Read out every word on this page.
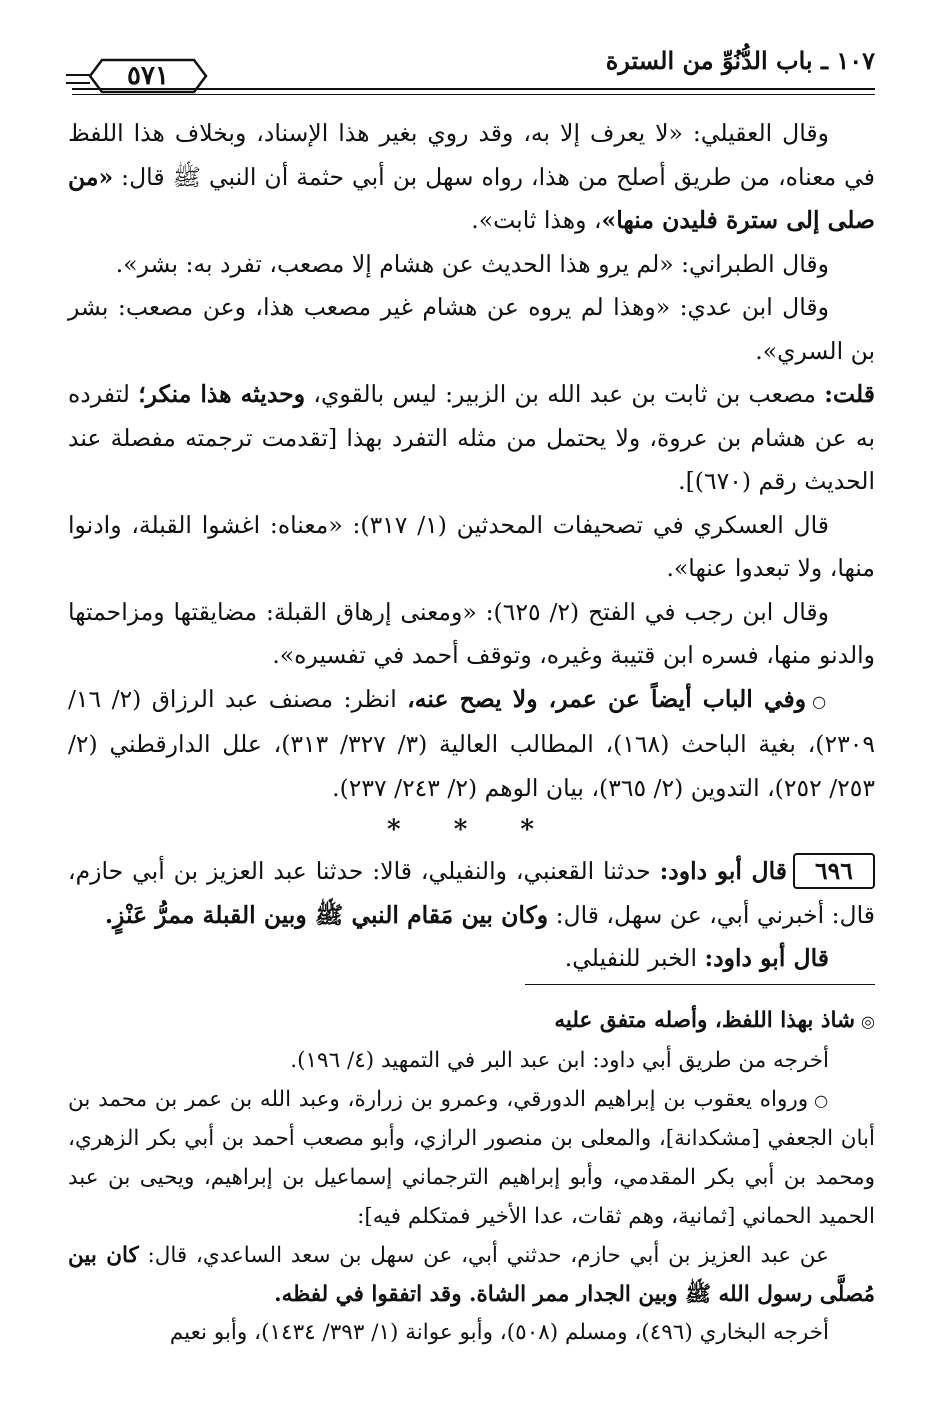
١٠٧ ـ باب الدُّنُوِّ من السترة
٥٧١

وقال العقيلي: «لا يعرف إلا به، وقد روي بغير هذا الإسناد، وبخلاف هذا اللفظ في معناه، من طريق أصلح من هذا، رواه سهل بن أبي حثمة أن النبي ﷺ قال: «من صلى إلى سترة فليدن منها»، وهذا ثابت».

وقال الطبراني: «لم يرو هذا الحديث عن هشام إلا مصعب، تفرد به: بشر».

وقال ابن عدي: «وهذا لم يروه عن هشام غير مصعب هذا، وعن مصعب: بشر بن السري».

قلت: مصعب بن ثابت بن عبد الله بن الزبير: ليس بالقوي، وحديثه هذا منكر؛ لتفرده به عن هشام بن عروة، ولا يحتمل من مثله التفرد بهذا [تقدمت ترجمته مفصلة عند الحديث رقم (٦٧٠)].

قال العسكري في تصحيفات المحدثين (١/ ٣١٧): «معناه: اغشوا القبلة، وادنوا منها، ولا تبعدوا عنها».

وقال ابن رجب في الفتح (٢/ ٦٢٥): «ومعنى إرهاق القبلة: مضايقتها ومزاحمتها والدنو منها، فسره ابن قتيبة وغيره، وتوقف أحمد في تفسيره».

○وفي الباب أيضاً عن عمر، ولا يصح عنه، انظر: مصنف عبد الرزاق (٢/ ١٦/ ٢٣٠٩)، بغية الباحث (١٦٨)، المطالب العالية (٣/ ٣٢٧/ ٣١٣)، علل الدارقطني (٢/ ٢٥٣/ ٢٥٢)، التدوين (٢/ ٣٦٥)، بيان الوهم (٢/ ٢٤٣/ ٢٣٧).

* * *

٦٩٦قال أبو داود: حدثنا القعنبي، والنفيلي، قالا: حدثنا عبد العزيز بن أبي حازم، قال: أخبرني أبي، عن سهل، قال: وكان بين مَقام النبي ﷺ وبين القبلة ممرُّ عَنْزٍ.

قال أبو داود: الخبر للنفيلي.

◎شاذ بهذا اللفظ، وأصله متفق عليه

أخرجه من طريق أبي داود: ابن عبد البر في التمهيد (٤/ ١٩٦).

○ورواه يعقوب بن إبراهيم الدورقي، وعمرو بن زرارة، وعبد الله بن عمر بن محمد بن أبان الجعفي [مشكدانة]، والمعلى بن منصور الرازي، وأبو مصعب أحمد بن أبي بكر الزهري، ومحمد بن أبي بكر المقدمي، وأبو إبراهيم الترجماني إسماعيل بن إبراهيم، ويحيى بن عبد الحميد الحماني [ثمانية، وهم ثقات، عدا الأخير فمتكلم فيه]:

عن عبد العزيز بن أبي حازم، حدثني أبي، عن سهل بن سعد الساعدي، قال: كان بين مُصلَّى رسول الله ﷺ وبين الجدار ممر الشاة. وقد اتفقوا في لفظه.

أخرجه البخاري (٤٩٦)، ومسلم (٥٠٨)، وأبو عوانة (١/ ٣٩٣/ ١٤٣٤)، وأبو نعيم
